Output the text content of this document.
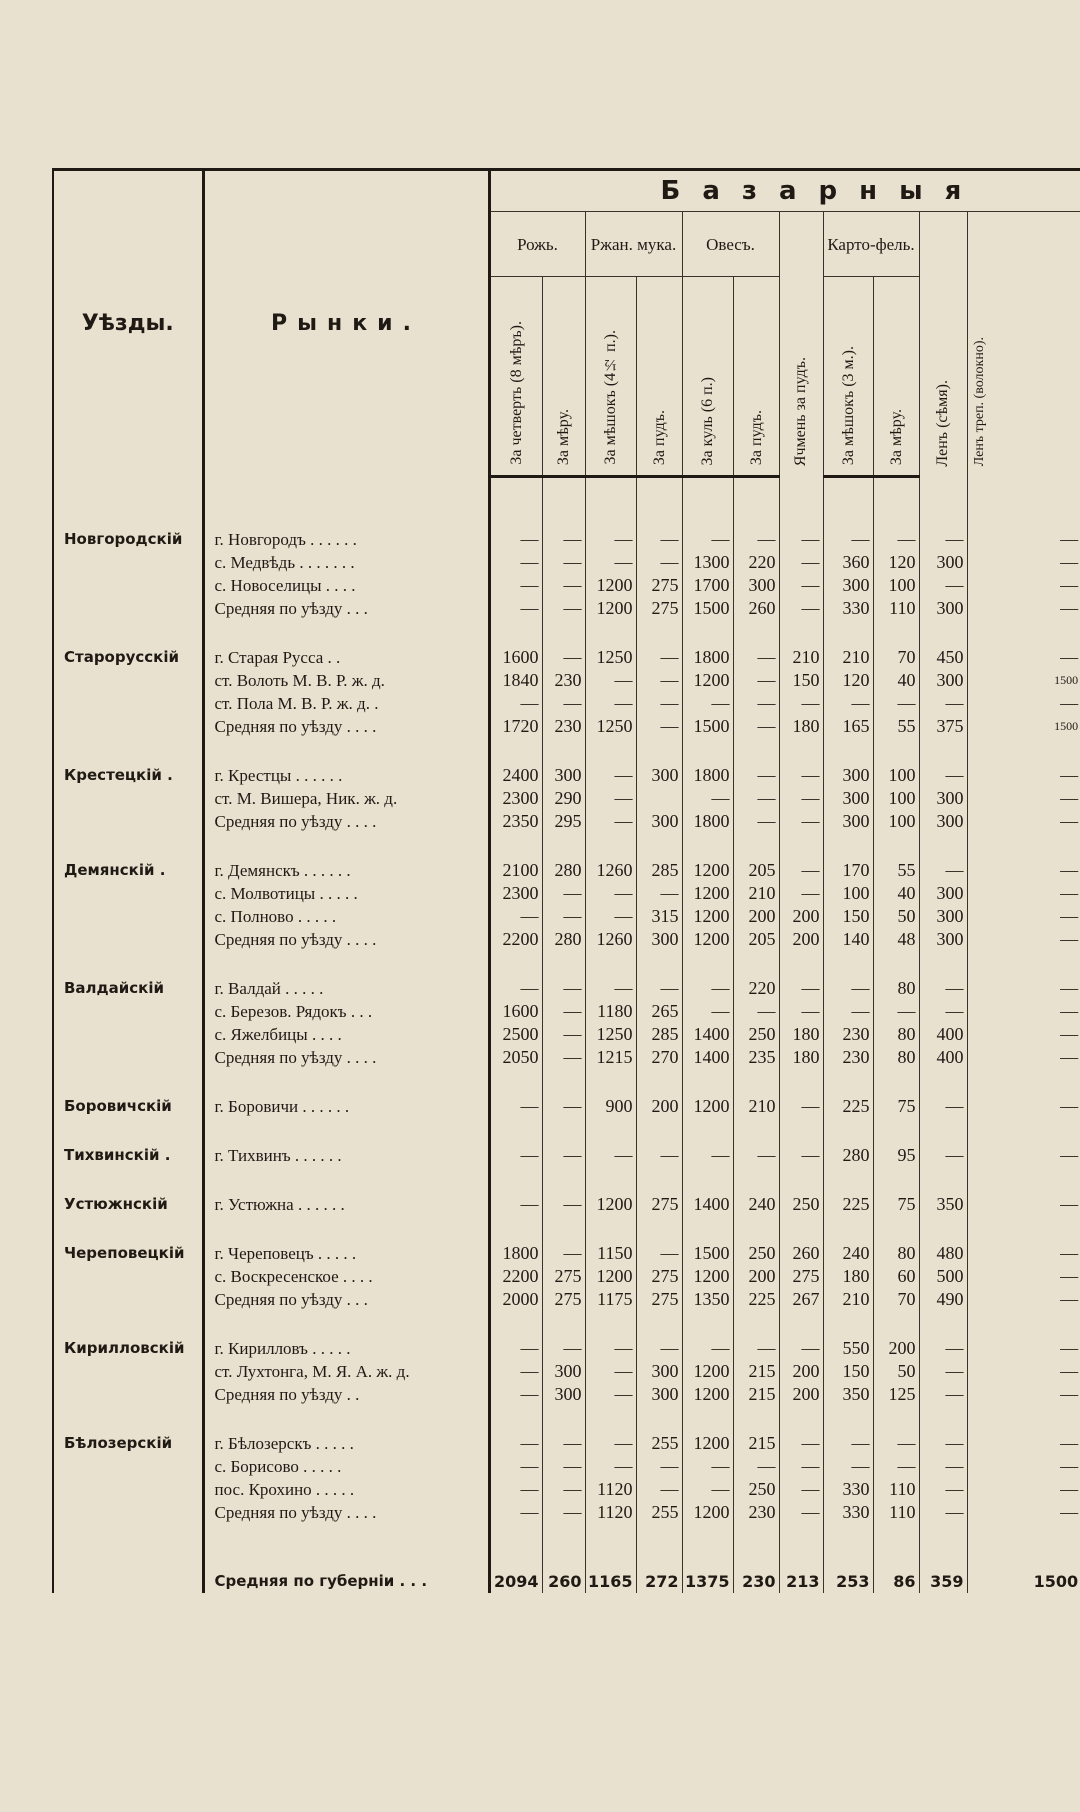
Уѣзды.	Рынки.	Базарныя										
		Рожь.		Ржан. мука.		Овесъ.		Ячмень за пудъ.	Карто-фель.		Ленъ (сѣмя).	Ленъ треп. (волокно).

		За четверть (8 мѣръ).	За мѣру.	За мѣшокъ (4½ п.).	За пудъ.	За куль (6 п.)	За пудъ.		За мѣшокъ (3 м.).	За мѣру.		

Новгородскій	г. Новгородъ . . . . . .	—	—	—	—	—	—	—	—	—	—	—
	с. Медвѣдь . . . . . . .	—	—	—	—	1300	220	—	360	120	300	—
	с. Новоселицы . . . .	—	—	1200	275	1700	300	—	300	100	—	—
	Средняя по уѣзду . . .	—	—	1200	275	1500	260	—	330	110	300	—

Старорусскій	г. Старая Русса . .	1600	—	1250	—	1800	—	210	210	70	450	—
	ст. Волоть М. В. Р. ж. д.	1840	230	—	—	1200	—	150	120	40	300	1500
	ст. Пола М. В. Р. ж. д. .	—	—	—	—	—	—	—	—	—	—	—
	Средняя по уѣзду . . . .	1720	230	1250	—	1500	—	180	165	55	375	1500

Крестецкій .	г. Крестцы . . . . . .	2400	300	—	300	1800	—	—	300	100	—	—
	ст. М. Вишера, Ник. ж. д.	2300	290	—		—	—	—	300	100	300	—
	Средняя по уѣзду . . . .	2350	295	—	300	1800	—	—	300	100	300	—

Демянскій .	г. Демянскъ . . . . . .	2100	280	1260	285	1200	205	—	170	55	—	—
	с. Молвотицы . . . . .	2300	—	—	—	1200	210	—	100	40	300	—
	с. Полново . . . . .	—	—	—	315	1200	200	200	150	50	300	—
	Средняя по уѣзду . . . .	2200	280	1260	300	1200	205	200	140	48	300	—

Валдайскій	г. Валдай . . . . .	—	—	—	—	—	220	—	—	80	—	—
	с. Березов. Рядокъ . . .	1600	—	1180	265	—	—	—	—	—	—	—
	с. Яжелбицы . . . .	2500	—	1250	285	1400	250	180	230	80	400	—
	Средняя по уѣзду . . . .	2050	—	1215	270	1400	235	180	230	80	400	—

Боровичскій	г. Боровичи . . . . . .	—	—	900	200	1200	210	—	225	75	—	—

Тихвинскій .	г. Тихвинъ . . . . . .	—	—	—	—	—	—	—	280	95	—	—

Устюжнскій	г. Устюжна . . . . . .	—	—	1200	275	1400	240	250	225	75	350	—

Череповецкій	г. Череповецъ . . . . .	1800	—	1150	—	1500	250	260	240	80	480	—
	с. Воскресенское . . . .	2200	275	1200	275	1200	200	275	180	60	500	—
	Средняя по уѣзду . . .	2000	275	1175	275	1350	225	267	210	70	490	—

Кирилловскій	г. Кирилловъ . . . . .	—	—	—	—	—	—	—	550	200	—	—
	ст. Лухтонга, М. Я. А. ж. д.	—	300	—	300	1200	215	200	150	50	—	—
	Средняя по уѣзду . .	—	300	—	300	1200	215	200	350	125	—	—

Бѣлозерскій	г. Бѣлозерскъ . . . . .	—	—	—	255	1200	215	—	—	—	—	—
	с. Борисово . . . . .	—	—	—	—	—	—	—	—	—	—	—
	пос. Крохино . . . . .	—	—	1120	—	—	250	—	330	110	—	—
	Средняя по уѣзду . . . .	—	—	1120	255	1200	230	—	330	110	—	—

	Средняя по губерніи . . .	2094	260	1165	272	1375	230	213	253	86	359	1500
